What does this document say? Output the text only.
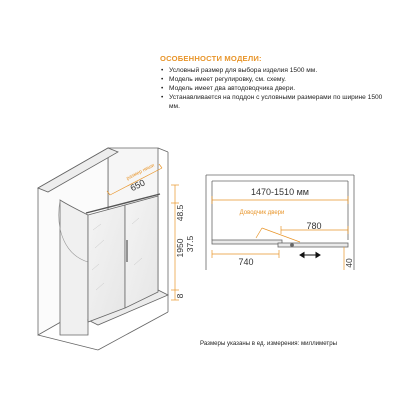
650
размер ниши
48.5
1950 37.5
8
1470-1510 мм
Доводчик двери
780
740	40
ОСОБЕННОСТИ МОДЕЛИ:
• Условный размер для выбора изделия 1500 мм.
• Модель имеет регулировку, см. схему.
• Модель имеет два автодоводчика двери.
• Устанавливается на поддон с условными размерами по ширине 1500 мм.
Размеры указаны в ед. измерения: миллиметры
